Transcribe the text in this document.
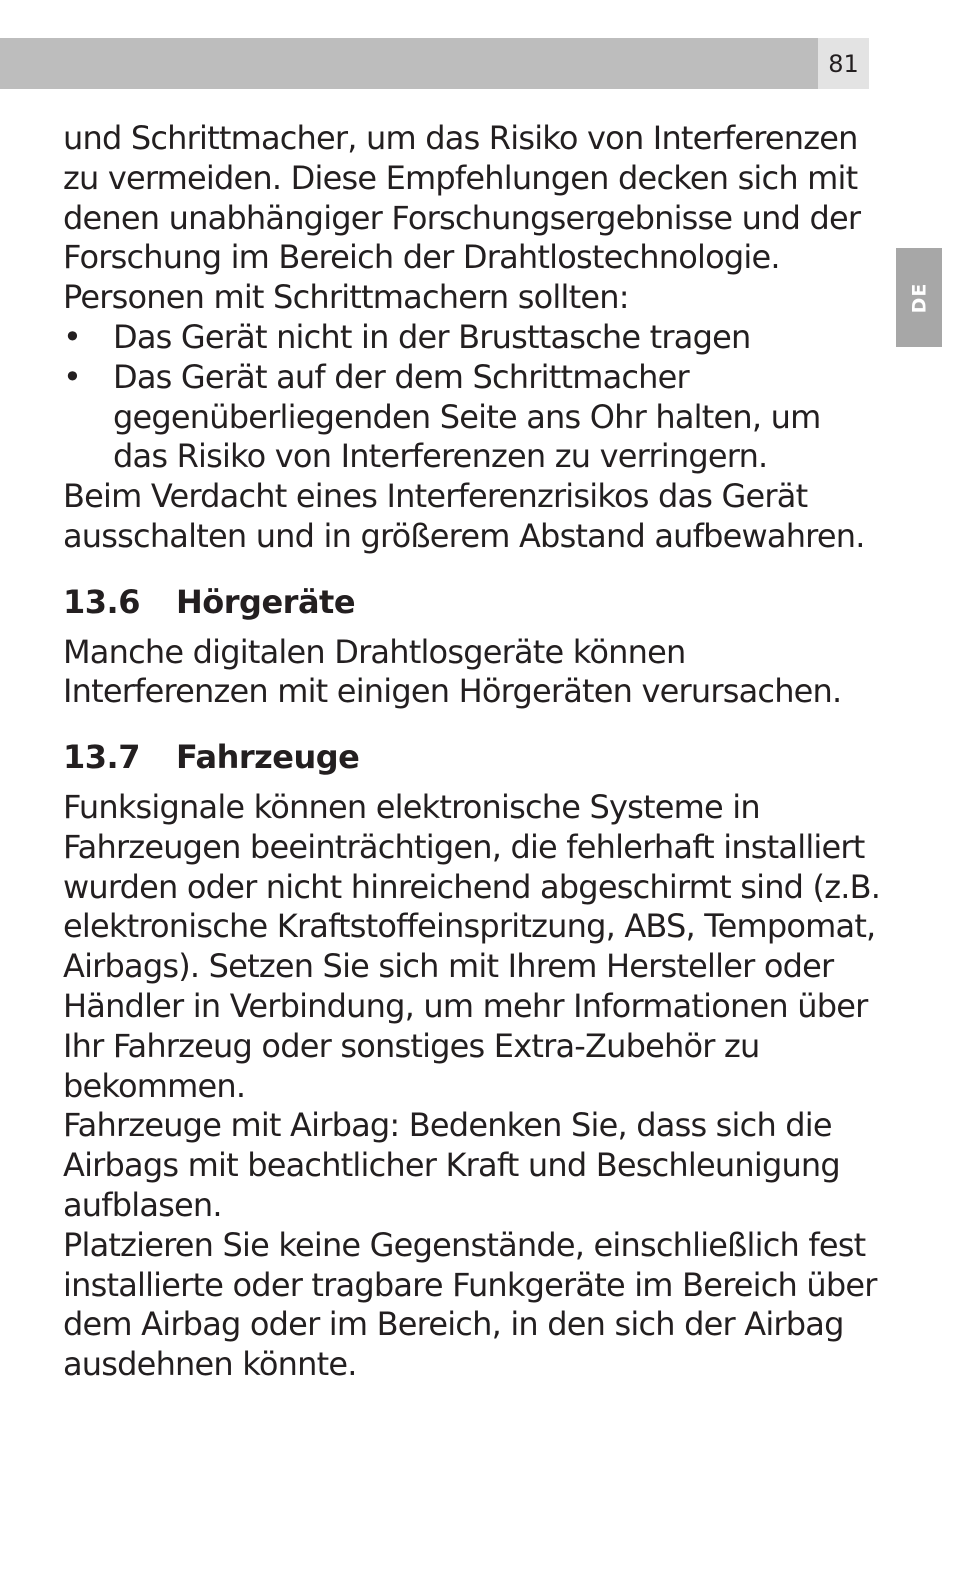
81
DE

und Schrittmacher, um das Risiko von Interferenzen zu vermeiden. Diese Empfehlungen decken sich mit denen unabhängiger Forschungsergebnisse und der Forschung im Bereich der Drahtlostechnologie.

Personen mit Schrittmachern sollten:

• Das Gerät nicht in der Brusttasche tragen
• Das Gerät auf der dem Schrittmacher gegenüberliegenden Seite ans Ohr halten, um das Risiko von Interferenzen zu verringern.

Beim Verdacht eines Interferenzrisikos das Gerät ausschalten und in größerem Abstand aufbewahren.

13.6 Hörgeräte

Manche digitalen Drahtlosgeräte können Interferenzen mit einigen Hörgeräten verursachen.

13.7 Fahrzeuge

Funksignale können elektronische Systeme in Fahrzeugen beeinträchtigen, die fehlerhaft installiert wurden oder nicht hinreichend abgeschirmt sind (z.B. elektronische Kraftstoffeinspritzung, ABS, Tempomat, Airbags). Setzen Sie sich mit Ihrem Hersteller oder Händler in Verbindung, um mehr Informationen über Ihr Fahrzeug oder sonstiges Extra-Zubehör zu bekommen.

Fahrzeuge mit Airbag: Bedenken Sie, dass sich die Airbags mit beachtlicher Kraft und Beschleunigung aufblasen.

Platzieren Sie keine Gegenstände, einschließlich fest installierte oder tragbare Funkgeräte im Bereich über dem Airbag oder im Bereich, in den sich der Airbag ausdehnen könnte.
